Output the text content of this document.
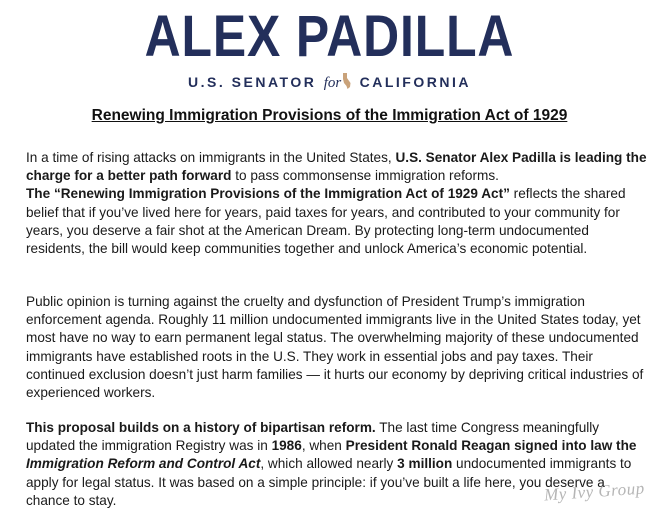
ALEX PADILLA
U.S. SENATOR for CALIFORNIA
Renewing Immigration Provisions of the Immigration Act of 1929

In a time of rising attacks on immigrants in the United States, U.S. Senator Alex Padilla is leading the charge for a better path forward to pass commonsense immigration reforms.
The “Renewing Immigration Provisions of the Immigration Act of 1929 Act” reflects the shared belief that if you’ve lived here for years, paid taxes for years, and contributed to your community for years, you deserve a fair shot at the American Dream. By protecting long-term undocumented residents, the bill would keep communities together and unlock America’s economic potential.

Public opinion is turning against the cruelty and dysfunction of President Trump’s immigration enforcement agenda. Roughly 11 million undocumented immigrants live in the United States today, yet most have no way to earn permanent legal status. The overwhelming majority of these undocumented immigrants have established roots in the U.S. They work in essential jobs and pay taxes. Their continued exclusion doesn’t just harm families — it hurts our economy by depriving critical industries of experienced workers.

This proposal builds on a history of bipartisan reform. The last time Congress meaningfully updated the immigration Registry was in 1986, when President Ronald Reagan signed into law the Immigration Reform and Control Act, which allowed nearly 3 million undocumented immigrants to apply for legal status. It was based on a simple principle: if you’ve built a life here, you deserve a chance to stay.	My Ivy Group
